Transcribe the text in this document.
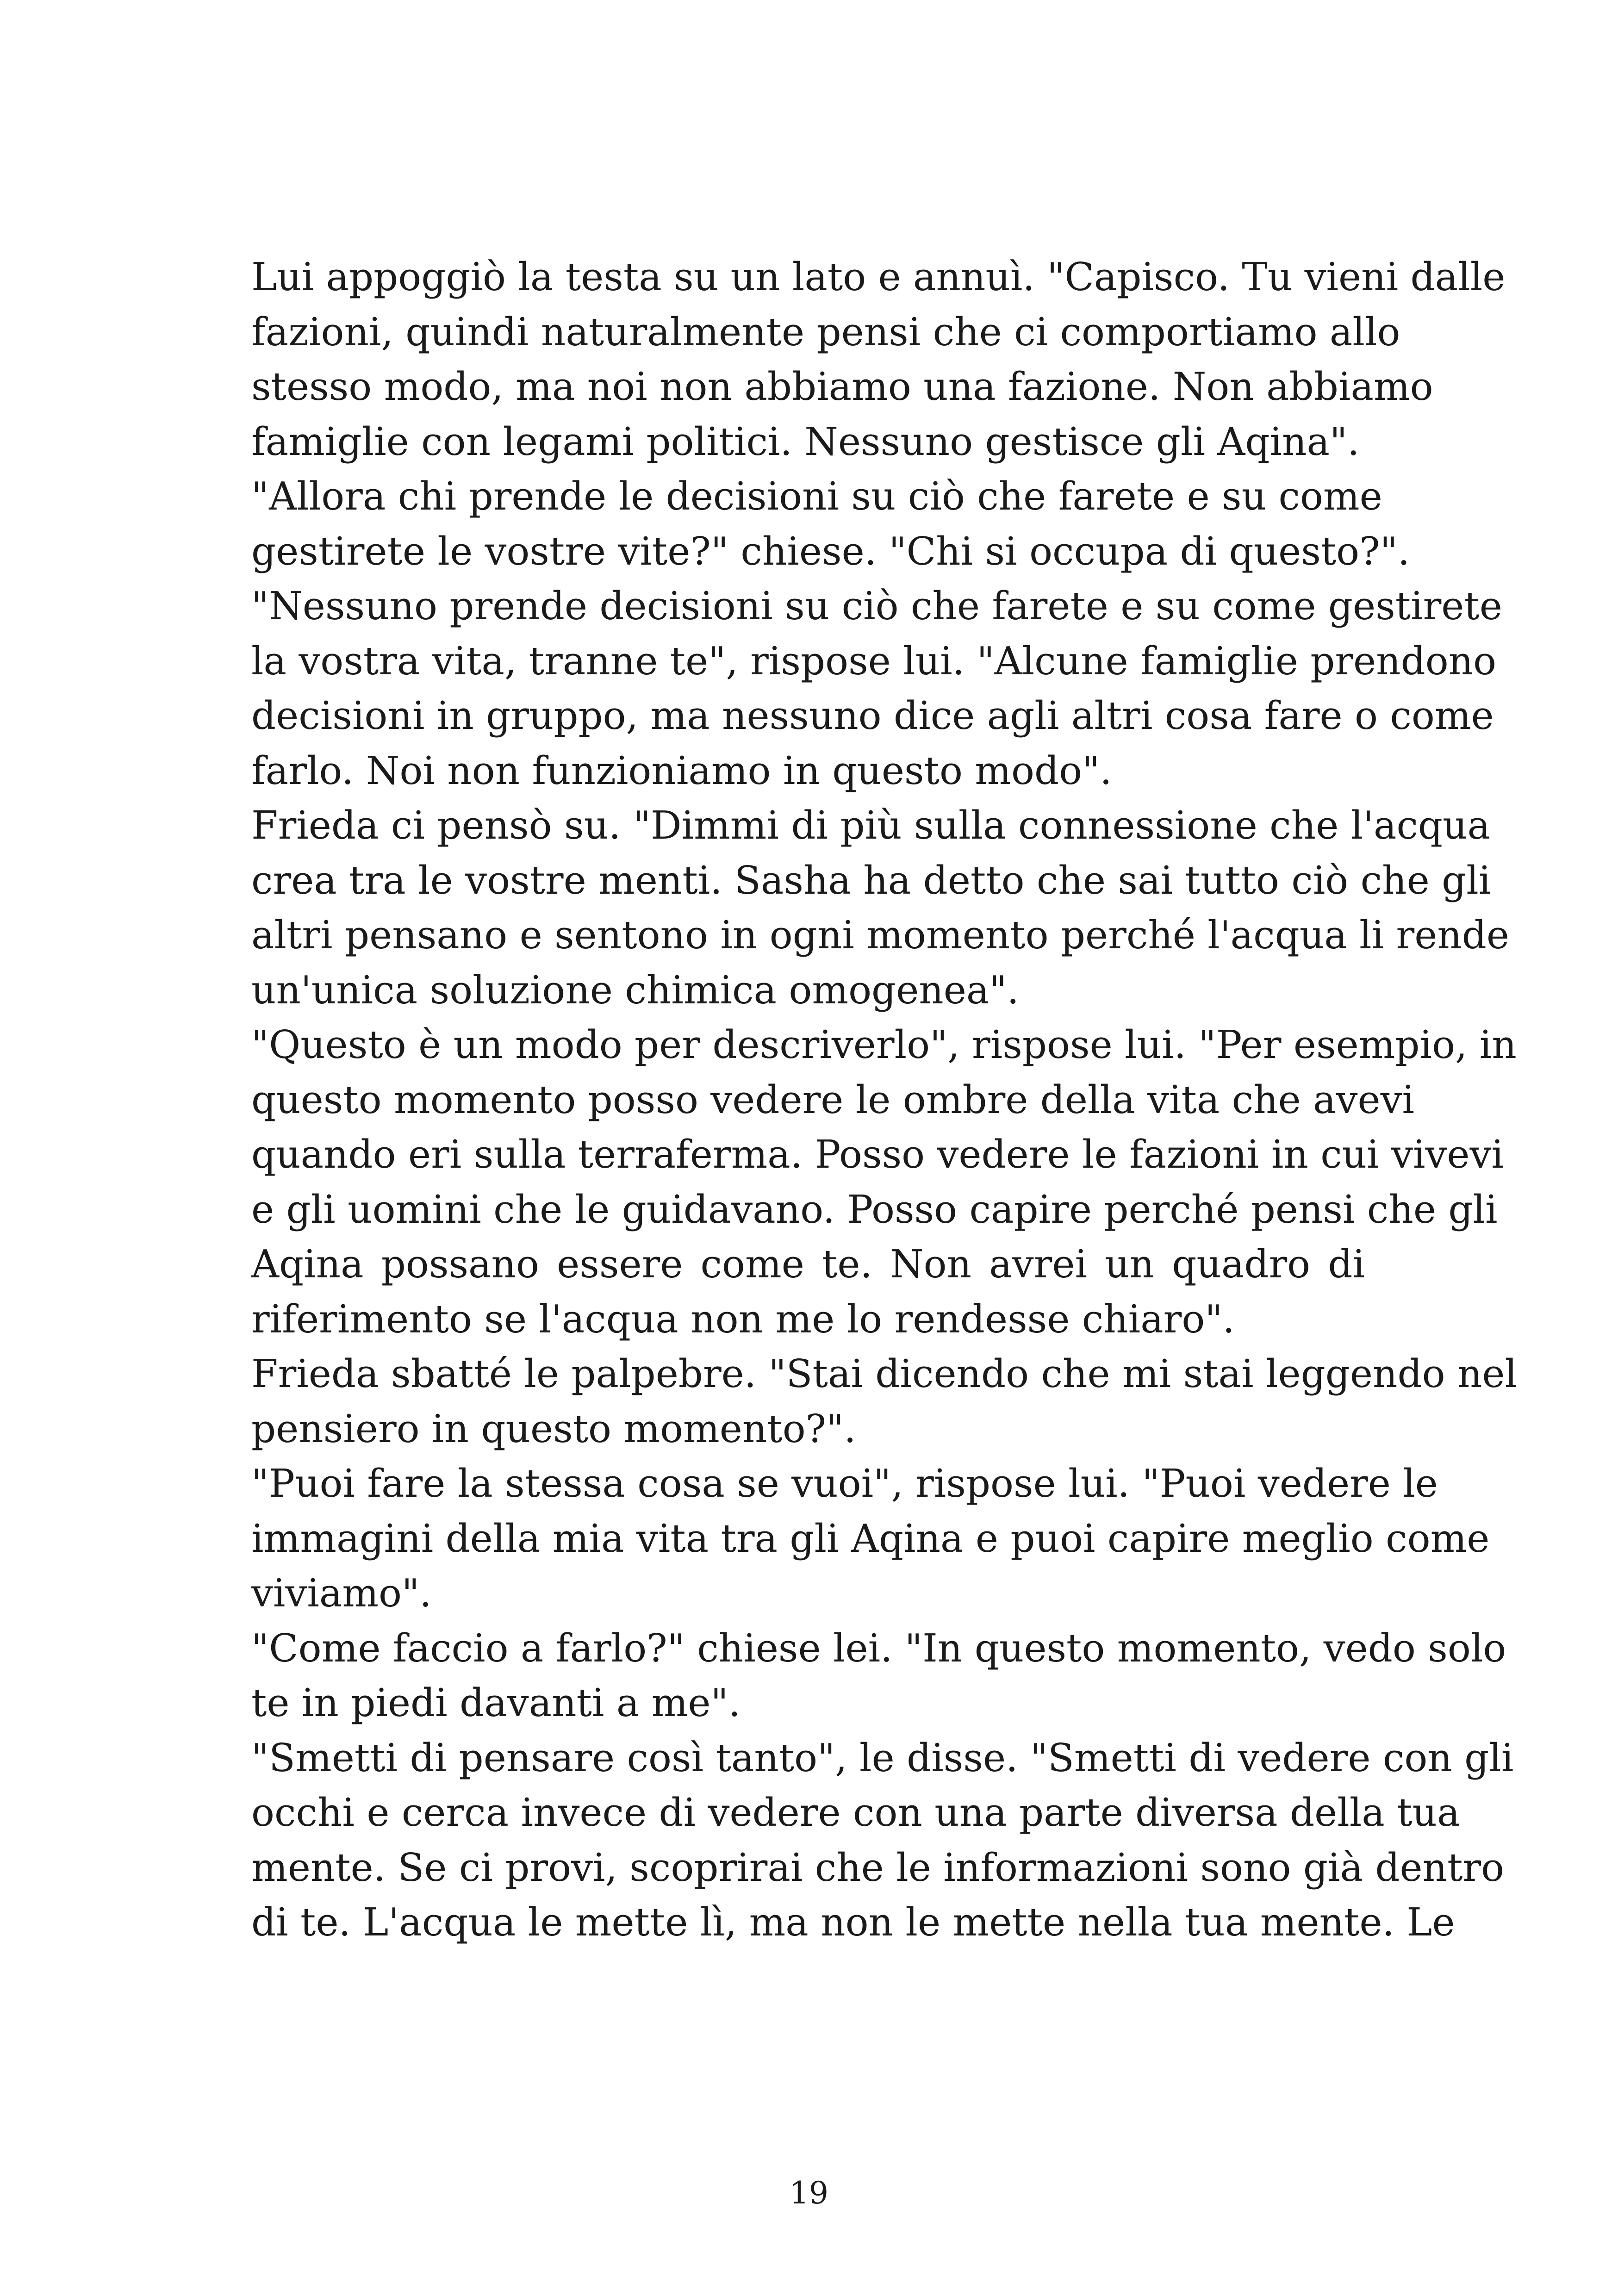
Lui appoggiò la testa su un lato e annuì. "Capisco. Tu vieni dalle
fazioni, quindi naturalmente pensi che ci comportiamo allo
stesso modo, ma noi non abbiamo una fazione. Non abbiamo
famiglie con legami politici. Nessuno gestisce gli Aqina".
"Allora chi prende le decisioni su ciò che farete e su come
gestirete le vostre vite?" chiese. "Chi si occupa di questo?".
"Nessuno prende decisioni su ciò che farete e su come gestirete
la vostra vita, tranne te", rispose lui. "Alcune famiglie prendono
decisioni in gruppo, ma nessuno dice agli altri cosa fare o come
farlo. Noi non funzioniamo in questo modo".
Frieda ci pensò su. "Dimmi di più sulla connessione che l'acqua
crea tra le vostre menti. Sasha ha detto che sai tutto ciò che gli
altri pensano e sentono in ogni momento perché l'acqua li rende
un'unica soluzione chimica omogenea".
"Questo è un modo per descriverlo", rispose lui. "Per esempio, in
questo momento posso vedere le ombre della vita che avevi
quando eri sulla terraferma. Posso vedere le fazioni in cui vivevi
e gli uomini che le guidavano. Posso capire perché pensi che gli
Aqina possano essere come te. Non avrei un quadro di
riferimento se l'acqua non me lo rendesse chiaro".
Frieda sbatté le palpebre. "Stai dicendo che mi stai leggendo nel
pensiero in questo momento?".
"Puoi fare la stessa cosa se vuoi", rispose lui. "Puoi vedere le
immagini della mia vita tra gli Aqina e puoi capire meglio come
viviamo".
"Come faccio a farlo?" chiese lei. "In questo momento, vedo solo
te in piedi davanti a me".
"Smetti di pensare così tanto", le disse. "Smetti di vedere con gli
occhi e cerca invece di vedere con una parte diversa della tua
mente. Se ci provi, scoprirai che le informazioni sono già dentro
di te. L'acqua le mette lì, ma non le mette nella tua mente. Le
19
